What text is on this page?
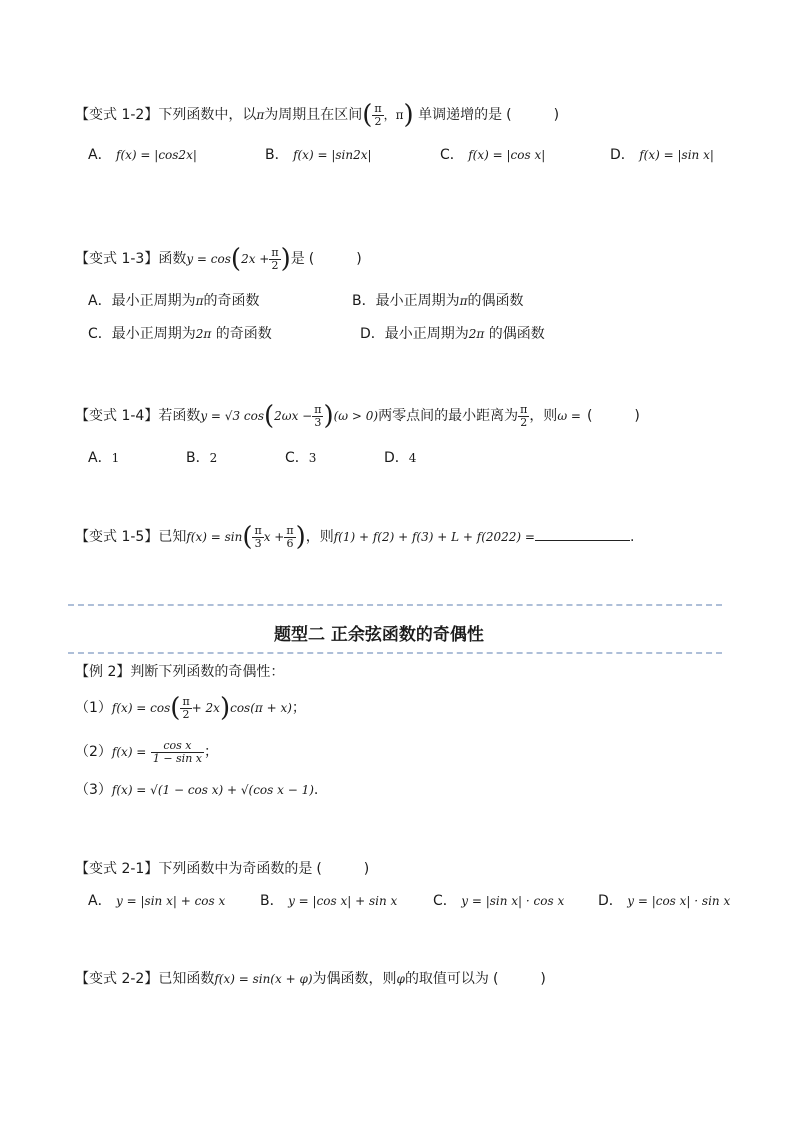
【变式 1-2】下列函数中，以π为周期且在区间( $\frac{\pi}{2}$ ，π) 单调递增的是 (　　　)
A． f(x) = |cos2x|	B． f(x) = |sin2x|	C． f(x) = |cos x|	D． f(x) = |sin x|
【变式 1-3】函数$y = \cos(2x + \frac{\pi}{2}$ )是 (　　　)
A．最小正周期为π的奇函数	B．最小正周期为π的偶函数
C．最小正周期为2π 的奇函数	D．最小正周期为2π 的偶函数
【变式 1-4】若函数y = √3 $\cos(2\omega x - \frac{\pi}{3} )(\omega > 0)$两零点间的最小距离为 $\frac{\pi}{2}$ ，则ω = (　　　)
A．1	B．2	C．3	D．4
【变式 1-5】已知$f(x) = \sin( \frac{\pi}{3}$ $x + \frac{\pi}{6}$ )，则f(1) + f(2) + f(3) + L + f(2022) =	.
题型二 正余弦函数的奇偶性
【例 2】判断下列函数的奇偶性：
$(1)f(x) = \cos( \frac{\pi}{2} + 2x)\cos(\pi + x)$；
$(2)f(x) = \frac{\text{cos x}}{\text{1 − sin x}}$ ；
（3）f(x) = √(1 − cos x) + √(cos x − 1).
【变式 2-1】下列函数中为奇函数的是 (　　　)
A． y = |sin x| + cos x B． y = |cos x| + sin x	C． y = |sin x| · cos x D． y = |cos x| · sin x
【变式 2-2】已知函数f(x) = sin(x + φ)为偶函数，则φ的取值可以为 (　　　)
